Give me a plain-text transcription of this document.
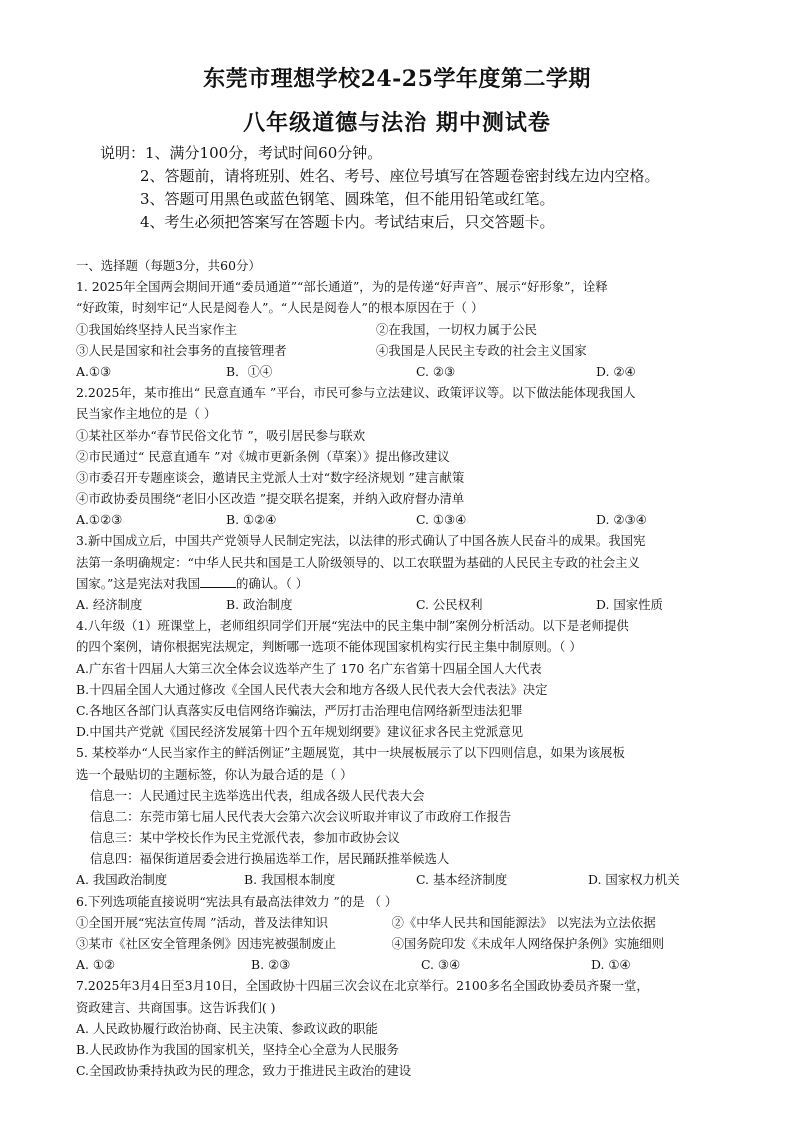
东莞市理想学校24-25学年度第二学期
八年级道德与法治 期中测试卷
说明：1、满分100分，考试时间60分钟。
2、答题前，请将班别、姓名、考号、座位号填写在答题卷密封线左边内空格。
3、答题可用黑色或蓝色钢笔、圆珠笔，但不能用铅笔或红笔。
4、考生必须把答案写在答题卡内。考试结束后，只交答题卡。
一、选择题（每题3分，共60分）
1. 2025年全国两会期间开通“委员通道”“部长通道”，为的是传递“好声音”、展示“好形象”，诠释
“好政策，时刻牢记“人民是阅卷人”。“人民是阅卷人”的根本原因在于（ ）
①我国始终坚持人民当家作主	②在我国，一切权力属于公民
③人民是国家和社会事务的直接管理者	④我国是人民民主专政的社会主义国家
A.①③	B．①④	C. ②③	D. ②④
2.2025年，某市推出“ 民意直通车 ”平台，市民可参与立法建议、政策评议等。以下做法能体现我国人
民当家作主地位的是（ ）
①某社区举办“春节民俗文化节 ”，吸引居民参与联欢
②市民通过“ 民意直通车 ”对《城市更新条例（草案）》提出修改建议
③市委召开专题座谈会，邀请民主党派人士对“数字经济规划 ”建言献策
④市政协委员围绕“老旧小区改造 ”提交联名提案，并纳入政府督办清单
A.①②③	B. ①②④	C. ①③④	D. ②③④
3.新中国成立后，中国共产党领导人民制定宪法，以法律的形式确认了中国各族人民奋斗的成果。我国宪
法第一条明确规定：“中华人民共和国是工人阶级领导的、以工农联盟为基础的人民民主专政的社会主义
国家。”这是宪法对我国	的确认。（ ）
A. 经济制度	B. 政治制度	C. 公民权利	D. 国家性质
4.八年级（1）班课堂上，老师组织同学们开展“宪法中的民主集中制”案例分析活动。以下是老师提供
的四个案例，请你根据宪法规定，判断哪一选项不能体现国家机构实行民主集中制原则。（ ）
A.广东省十四届人大第三次全体会议选举产生了 170 名广东省第十四届全国人大代表
B.十四届全国人大通过修改《全国人民代表大会和地方各级人民代表大会代表法》决定
C.各地区各部门认真落实反电信网络诈骗法，严厉打击治理电信网络新型违法犯罪
D.中国共产党就《国民经济发展第十四个五年规划纲要》建议征求各民主党派意见
5. 某校举办“人民当家作主的鲜活例证”主题展览，其中一块展板展示了以下四则信息，如果为该展板
选一个最贴切的主题标签，你认为最合适的是（ ）
信息一：人民通过民主选举选出代表，组成各级人民代表大会
信息二：东莞市第七届人民代表大会第六次会议听取并审议了市政府工作报告
信息三：某中学校长作为民主党派代表，参加市政协会议
信息四：福保街道居委会进行换届选举工作，居民踊跃推举候选人
A. 我国政治制度	B. 我国根本制度	C. 基本经济制度	D. 国家权力机关
6.下列选项能直接说明“宪法具有最高法律效力 ”的是 （ ）
①全国开展“宪法宣传周 ”活动，普及法律知识	②《中华人民共和国能源法》 以宪法为立法依据
③某市《社区安全管理条例》因违宪被强制废止	④国务院印发《未成年人网络保护条例》实施细则
A. ①②	B. ②③	C. ③④	D. ①④
7.2025年3月4日至3月10日，全国政协十四届三次会议在北京举行。2100多名全国政协委员齐聚一堂，
资政建言、共商国事。这告诉我们( )
A. 人民政协履行政治协商、民主决策、参政议政的职能
B.人民政协作为我国的国家机关，坚持全心全意为人民服务
C.全国政协秉持执政为民的理念，致力于推进民主政治的建设
